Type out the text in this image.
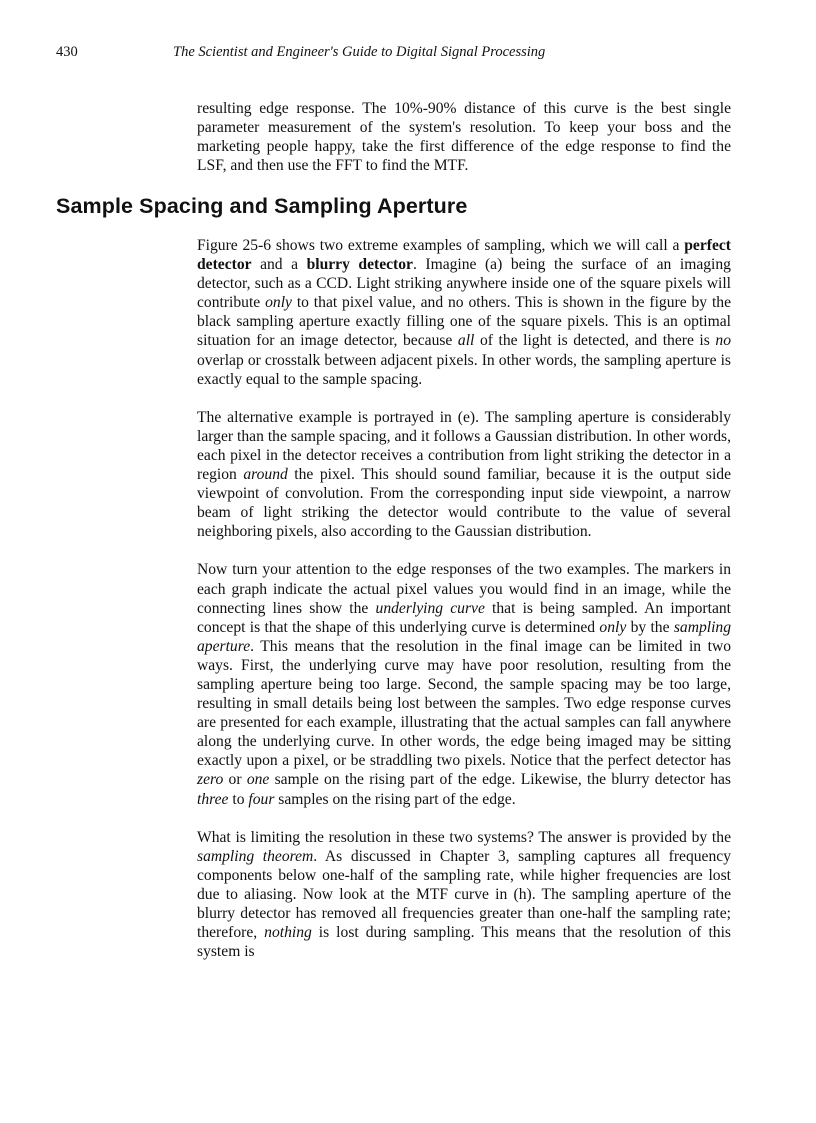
430	The Scientist and Engineer's Guide to Digital Signal Processing

resulting edge response. The 10%-90% distance of this curve is the best single parameter measurement of the system's resolution. To keep your boss and the marketing people happy, take the first difference of the edge response to find the LSF, and then use the FFT to find the MTF.

Sample Spacing and Sampling Aperture

Figure 25-6 shows two extreme examples of sampling, which we will call a perfect detector and a blurry detector. Imagine (a) being the surface of an imaging detector, such as a CCD. Light striking anywhere inside one of the square pixels will contribute only to that pixel value, and no others. This is shown in the figure by the black sampling aperture exactly filling one of the square pixels. This is an optimal situation for an image detector, because all of the light is detected, and there is no overlap or crosstalk between adjacent pixels. In other words, the sampling aperture is exactly equal to the sample spacing.

The alternative example is portrayed in (e). The sampling aperture is considerably larger than the sample spacing, and it follows a Gaussian distribution. In other words, each pixel in the detector receives a contribution from light striking the detector in a region around the pixel. This should sound familiar, because it is the output side viewpoint of convolution. From the corresponding input side viewpoint, a narrow beam of light striking the detector would contribute to the value of several neighboring pixels, also according to the Gaussian distribution.

Now turn your attention to the edge responses of the two examples. The markers in each graph indicate the actual pixel values you would find in an image, while the connecting lines show the underlying curve that is being sampled. An important concept is that the shape of this underlying curve is determined only by the sampling aperture. This means that the resolution in the final image can be limited in two ways. First, the underlying curve may have poor resolution, resulting from the sampling aperture being too large. Second, the sample spacing may be too large, resulting in small details being lost between the samples. Two edge response curves are presented for each example, illustrating that the actual samples can fall anywhere along the underlying curve. In other words, the edge being imaged may be sitting exactly upon a pixel, or be straddling two pixels. Notice that the perfect detector has zero or one sample on the rising part of the edge. Likewise, the blurry detector has three to four samples on the rising part of the edge.

What is limiting the resolution in these two systems? The answer is provided by the sampling theorem. As discussed in Chapter 3, sampling captures all frequency components below one-half of the sampling rate, while higher frequencies are lost due to aliasing. Now look at the MTF curve in (h). The sampling aperture of the blurry detector has removed all frequencies greater than one-half the sampling rate; therefore, nothing is lost during sampling. This means that the resolution of this system is
